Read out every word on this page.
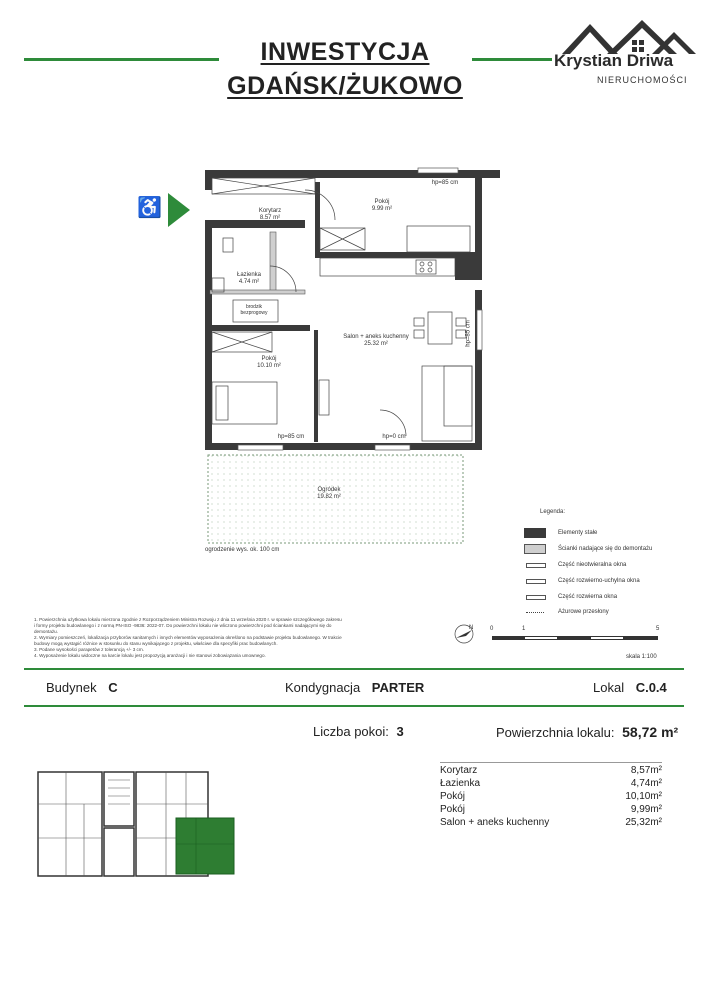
INWESTYCJA
GDAŃSK/ŻUKOWO
Krystian Driwa
NIERUCHOMOŚCI
♿	Korytarz
8.57 m²
Pokój
9.99 m²
Łazienka
4.74 m²
Pokój
10.10 m²
Salon + aneks kuchenny
25.32 m²
Ogródek
19.82 m²
brodzik bezprogowy
hp=85 cm
hp=85 cm	hp=0 cm
hp=85 cm
ogrodzenie wys. ok. 100 cm
Legenda:
Elementy stałe
Ścianki nadające się do demontażu
Część nieotwieralna okna
Część rozwierno-uchylna okna
Część rozwierna okna
Ażurowe przesłony
N	0	1	5
skala 1:100
1. Powierzchnia użytkowa lokalu mierzona zgodnie z Rozporządzeniem Ministra Rozwoju z dnia 11 września 2020 r. w sprawie szczegółowego zakresu
i formy projektu budowlanego i z normą PN-ISO -9836: 2022-07. Do powierzchni lokalu nie wliczono powierzchni pod ściankami nadającymi się do
demontażu.
2. Wymiary pomieszczeń, lokalizacja przyborów sanitarnych i innych elementów wyposażenia określono na podstawie projektu budowlanego. W trakcie
budowy mogą wystąpić różnice w stosunku do stanu wynikającego z projektu, właściwe dla specyfiki prac budowlanych.
3. Podane wysokości parapetów z tolerancją +/- 3 cm.
4. Wyposażenie lokalu widoczne na karcie lokalu jest propozycją aranżacji i nie stanowi zobowiązania umownego.
Budynek C	Kondygnacja PARTER	Lokal C.0.4
Liczba pokoi: 3	Powierzchnia lokalu: 58,72 m²
Korytarz	8,57m²
Łazienka	4,74m²
Pokój	10,10m²
Pokój	9,99m²
Salon + aneks kuchenny	25,32m²
